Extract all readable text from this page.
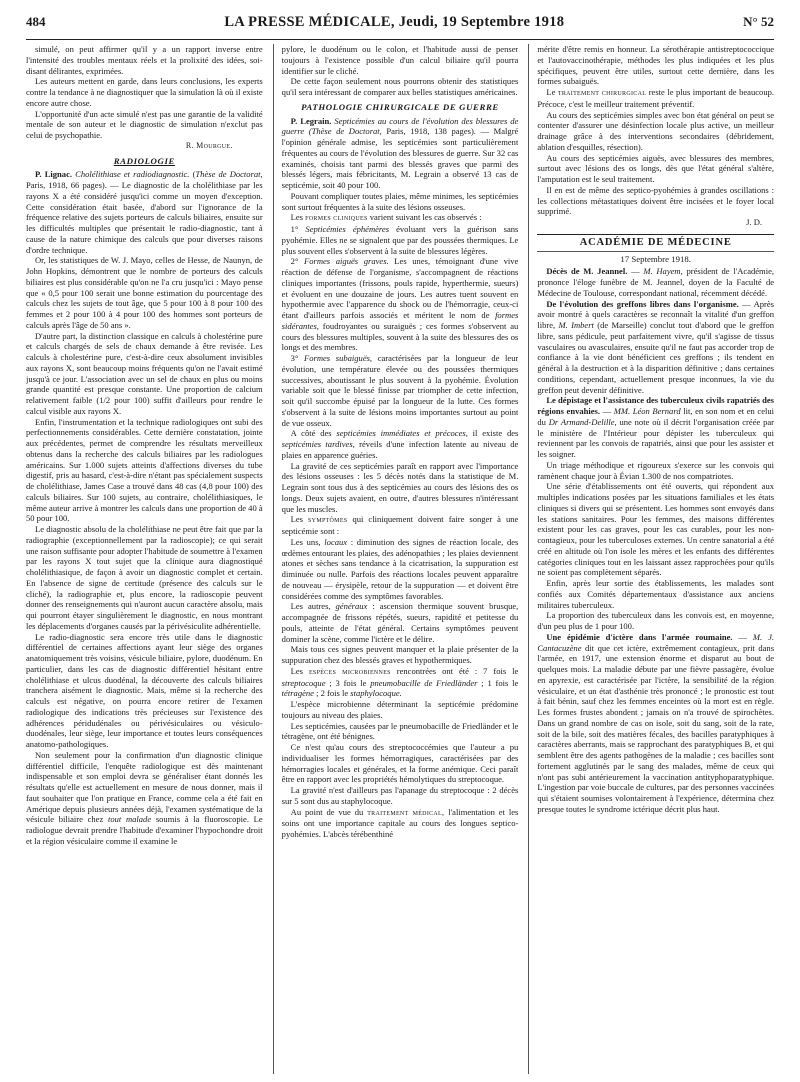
484	LA PRESSE MÉDICALE, Jeudi, 19 Septembre 1918	N° 52

simulé, on peut affirmer qu'il y a un rapport inverse entre l'intensité des troubles mentaux réels et la prolixité des idées, soi-disant délirantes, exprimées.

Les auteurs mettent en garde, dans leurs conclusions, les experts contre la tendance à ne diagnostiquer que la simulation là où il existe encore autre chose.

L'opportunité d'un acte simulé n'est pas une garantie de la validité mentale de son auteur et le diagnostic de simulation n'exclut pas celui de psychopathie.

R. Mourgue.
RADIOLOGIE

P. Lignac. Cholélithiase et radiodiagnostic. (Thèse de Doctorat, Paris, 1918, 66 pages). — Le diagnostic de la cholélithiase par les rayons X a été considéré jusqu'ici comme un moyen d'exception. Cette considération était basée, d'abord sur l'ignorance de la fréquence relative des sujets porteurs de calculs biliaires, ensuite sur les difficultés multiples que présentait le radio-diagnostic, tant à cause de la nature chimique des calculs que pour diverses raisons d'ordre technique.

Or, les statistiques de W. J. Mayo, celles de Hesse, de Naunyn, de John Hopkins, démontrent que le nombre de porteurs des calculs biliaires est plus considérable qu'on ne l'a cru jusqu'ici : Mayo pense que « 0,5 pour 100 serait une bonne estimation du pourcentage des calculs chez les sujets de tout âge, que 5 pour 100 à 8 pour 100 des femmes et 2 pour 100 à 4 pour 100 des hommes sont porteurs de calculs après l'âge de 50 ans ».

D'autre part, la distinction classique en calculs à cholestérine pure et calculs chargés de sels de chaux demande à être revisée. Les calculs à cholestérine pure, c'est-à-dire ceux absolument invisibles aux rayons X, sont beaucoup moins fréquents qu'on ne l'avait estimé jusqu'à ce jour. L'association avec un sel de chaux en plus ou moins grande quantité est presque constante. Une proportion de calcium relativement faible (1/2 pour 100) suffit d'ailleurs pour rendre le calcul visible aux rayons X.

Enfin, l'instrumentation et la technique radiologiques ont subi des perfectionnements considérables. Cette dernière constatation, jointe aux précédentes, permet de comprendre les résultats merveilleux obtenus dans la recherche des calculs biliaires par les radiologues américains. Sur 1.000 sujets atteints d'affections diverses du tube digestif, pris au hasard, c'est-à-dire n'étant pas spécialement suspects de cholélithiase, James Case a trouvé dans 48 cas (4,8 pour 100) des calculs biliaires. Sur 100 sujets, au contraire, cholélithiasiques, le même auteur arrive à montrer les calculs dans une proportion de 40 à 50 pour 100.

Le diagnostic absolu de la cholélithiase ne peut être fait que par la radiographie (exceptionnellement par la radioscopie); ce qui serait une raison suffisante pour adopter l'habitude de soumettre à l'examen par les rayons X tout sujet que la clinique aura diagnostiqué cholélithiasique, de façon à avoir un diagnostic complet et certain. En l'absence de signe de certitude (présence des calculs sur le cliché), la radiographie et, plus encore, la radioscopie peuvent donner des renseignements qui n'auront aucun caractère absolu, mais qui pourront étayer singulièrement le diagnostic, en nous montrant les déplacements d'organes causés par la périvésiculite adhérentielle.

Le radio-diagnostic sera encore très utile dans le diagnostic différentiel de certaines affections ayant leur siège des organes anatomiquement très voisins, vésicule biliaire, pylore, duodénum. En particulier, dans les cas de diagnostic différentiel hésitant entre cholélithiase et ulcus duodénal, la découverte des calculs biliaires tranchera aisément le diagnostic. Mais, même si la recherche des calculs est négative, on pourra encore retirer de l'examen radiologique des indications très précieuses sur l'existence des adhérences péridudénales ou périvésiculaires ou vésiculo-duodénales, leur siège, leur importance et toutes leurs conséquences anatomo-pathologiques.

Non seulement pour la confirmation d'un diagnostic clinique différentiel difficile, l'enquête radiologique est dès maintenant indispensable et son emploi devra se généraliser étant donnés les résultats qu'elle est actuellement en mesure de nous donner, mais il faut souhaiter que l'on pratique en France, comme cela a été fait en Amérique depuis plusieurs années déjà, l'examen systématique de la vésicule biliaire chez tout malade soumis à la fluoroscopie. Le radiologue devrait prendre l'habitude d'examiner l'hypochondre droit et la région vésiculaire comme il examine le

pylore, le duodénum ou le colon, et l'habitude aussi de penser toujours à l'existence possible d'un calcul biliaire qu'il pourra identifier sur le cliché.

De cette façon seulement nous pourrons obtenir des statistiques qu'il sera intéressant de comparer aux belles statistiques américaines.

PATHOLOGIE CHIRURGICALE DE GUERRE

P. Legrain. Septicémies au cours de l'évolution des blessures de guerre (Thèse de Doctorat, Paris, 1918, 138 pages). — Malgré l'opinion générale admise, les septicémies sont particulièrement fréquentes au cours de l'évolution des blessures de guerre. Sur 32 cas examinés, choisis tant parmi des blessés graves que parmi des blessés légers, mais fébricitants, M. Legrain a observé 13 cas de septicémie, soit 40 pour 100.

Pouvant compliquer toutes plaies, même minimes, les septicémies sont surtout fréquentes à la suite des lésions osseuses.

Les formes cliniques varient suivant les cas observés :

1° Septicémies éphémères évoluant vers la guérison sans pyohémie. Elles ne se signalent que par des poussées thermiques. Le plus souvent elles s'observent à la suite de blessures légères.

2° Formes aiguës graves. Les unes, témoignant d'une vive réaction de défense de l'organisme, s'accompagnent de réactions cliniques importantes (frissons, pouls rapide, hyperthermie, sueurs) et évoluent en une douzaine de jours. Les autres tuent souvent en hypothermie avec l'apparence du shock ou de l'hémorragie, ceux-ci étant d'ailleurs parfois associés et méritent le nom de formes sidérantes, foudroyantes ou suraiguës ; ces formes s'observent au cours des blessures multiples, souvent à la suite des blessures des os longs et des membres.

3° Formes subaiguës, caractérisées par la longueur de leur évolution, une température élevée ou des poussées thermiques successives, aboutissant le plus souvent à la pyohémie. Évolution variable soit que le blessé finisse par triompher de cette infection, soit qu'il succombe épuisé par la longueur de la lutte. Ces formes s'observent à la suite de lésions moins importantes surtout au point de vue osseux.

A côté des septicémies immédiates et précoces, il existe des septicémies tardives, réveils d'une infection latente au niveau de plaies en apparence guéries.

La gravité de ces septicémies paraît en rapport avec l'importance des lésions osseuses : les 5 décès notés dans la statistique de M. Legrain sont tous dus à des septicémies au cours des lésions des os longs. Deux sujets avaient, en outre, d'autres blessures n'intéressant que les muscles.

Les symptômes qui cliniquement doivent faire songer à une septicémie sont :

Les uns, locaux : diminution des signes de réaction locale, des œdèmes entourant les plaies, des adénopathies ; les plaies deviennent atones et sèches sans tendance à la cicatrisation, la suppuration est diminuée ou nulle. Parfois des réactions locales peuvent apparaître de nouveau — érysipèle, retour de la suppuration — et doivent être considérées comme des symptômes favorables.

Les autres, généraux : ascension thermique souvent brusque, accompagnée de frissons répétés, sueurs, rapidité et petitesse du pouls, atteinte de l'état général. Certains symptômes peuvent dominer la scène, comme l'ictère et le délire.

Mais tous ces signes peuvent manquer et la plaie présenter de la suppuration chez des blessés graves et hypothermiques.

Les espèces microbiennes rencontrées ont été : 7 fois le streptocoque ; 3 fois le pneumobacille de Friedländer ; 1 fois le tétragène ; 2 fois le staphylocoque.

L'espèce microbienne déterminant la septicémie prédomine toujours au niveau des plaies.

Les septicémies, causées par le pneumobacille de Friedländer et le tétragène, ont été bénignes.

Ce n'est qu'au cours des streptococcémies que l'auteur a pu individualiser les formes hémorragiques, caractérisées par des hémorragies locales et générales, et la forme anémique. Ceci paraît être en rapport avec les propriétés hémolytiques du streptocoque.

La gravité n'est d'ailleurs pas l'apanage du streptocoque : 2 décès sur 5 sont dus au staphylocoque.

Au point de vue du traitement médical, l'alimentation et les soins ont une importance capitale au cours des longues septico-pyohémies. L'abcès térébenthiné

mérite d'être remis en honneur. La sérothérapie antistreptococcique et l'autovaccinothérapie, méthodes les plus indiquées et les plus spécifiques, peuvent être utiles, surtout cette dernière, dans les formes subaiguës.

Le traitement chirurgical reste le plus important de beaucoup. Précoce, c'est le meilleur traitement préventif.

Au cours des septicémies simples avec bon état général on peut se contenter d'assurer une désinfection locale plus active, un meilleur drainage grâce à des interventions secondaires (débridement, ablation d'esquilles, résection).

Au cours des septicémies aiguës, avec blessures des membres, surtout avec lésions des os longs, dès que l'état général s'altère, l'amputation est le seul traitement.

Il en est de même des septico-pyohémies à grandes oscillations : les collections métastatiques doivent être incisées et le foyer local supprimé.

J. D.
ACADÉMIE DE MÉDECINE
17 Septembre 1918.

Décès de M. Jeannel. — M. Hayem, président de l'Académie, prononce l'éloge funèbre de M. Jeannel, doyen de la Faculté de Médecine de Toulouse, correspondant national, récemment décédé.

De l'évolution des greffons libres dans l'organisme. — Après avoir montré à quels caractères se reconnaît la vitalité d'un greffon libre, M. Imbert (de Marseille) conclut tout d'abord que le greffon libre, sans pédicule, peut parfaitement vivre, qu'il s'agisse de tissus vasculaires ou avasculaires, ensuite qu'il ne faut pas accorder trop de confiance à la vie dont bénéficient ces greffons ; ils tendent en général à la destruction et à la disparition définitive ; dans certaines conditions, cependant, actuellement presque inconnues, la vie du greffon peut devenir définitive.

Le dépistage et l'assistance des tuberculeux civils rapatriés des régions envahies. — MM. Léon Bernard lit, en son nom et en celui du Dr Armand-Delille, une note où il décrit l'organisation créée par le ministère de l'Intérieur pour dépister les tuberculeux qui reviennent par les convois de rapatriés, ainsi que pour les assister et les soigner.

Un triage méthodique et rigoureux s'exerce sur les convois qui ramènent chaque jour à Évian 1.300 de nos compatriotes.

Une série d'établissements ont été ouverts, qui répondent aux multiples indications posées par les situations familiales et les états cliniques si divers qui se présentent. Les hommes sont envoyés dans les stations sanitaires. Pour les femmes, des maisons différentes existent pour les cas graves, pour les cas curables, pour les non-contagieux, pour les tuberculoses externes. Un centre sanatorial a été créé en altitude où l'on isole les mères et les enfants des différentes catégories cliniques tout en les laissant assez rapprochées pour qu'ils ne soient pas complètement séparés.

Enfin, après leur sortie des établissements, les malades sont confiés aux Comités départementaux d'assistance aux anciens militaires tuberculeux.

La proportion des tuberculeux dans les convois est, en moyenne, d'un peu plus de 1 pour 100.

Une épidémie d'ictère dans l'armée roumaine. — M. J. Cantacuzène dit que cet ictère, extrêmement contagieux, prit dans l'armée, en 1917, une extension énorme et disparut au bout de quelques mois. La maladie débute par une fièvre passagère, évolue en apyrexie, est caractérisée par l'ictère, la sensibilité de la région vésiculaire, et un état d'asthénie très prononcé ; le pronostic est tout à fait bénin, sauf chez les femmes enceintes où la mort est en règle. Les formes frustes abondent ; jamais on n'a trouvé de spirochètes. Dans un grand nombre de cas on isole, soit du sang, soit de la rate, soit de la bile, soit des matières fécales, des bacilles paratyphiques à caractères aberrants, mais se rapprochant des paratyphiques B, et qui semblent être des agents pathogènes de la maladie ; ces bacilles sont fortement agglutinés par le sang des malades, même de ceux qui n'ont pas subi antérieurement la vaccination antityphoparatyphique. L'ingestion par voie buccale de cultures, par des personnes vaccinées qui s'étaient soumises volontairement à l'expérience, détermina chez presque toutes le syndrome ictérique décrit plus haut.
